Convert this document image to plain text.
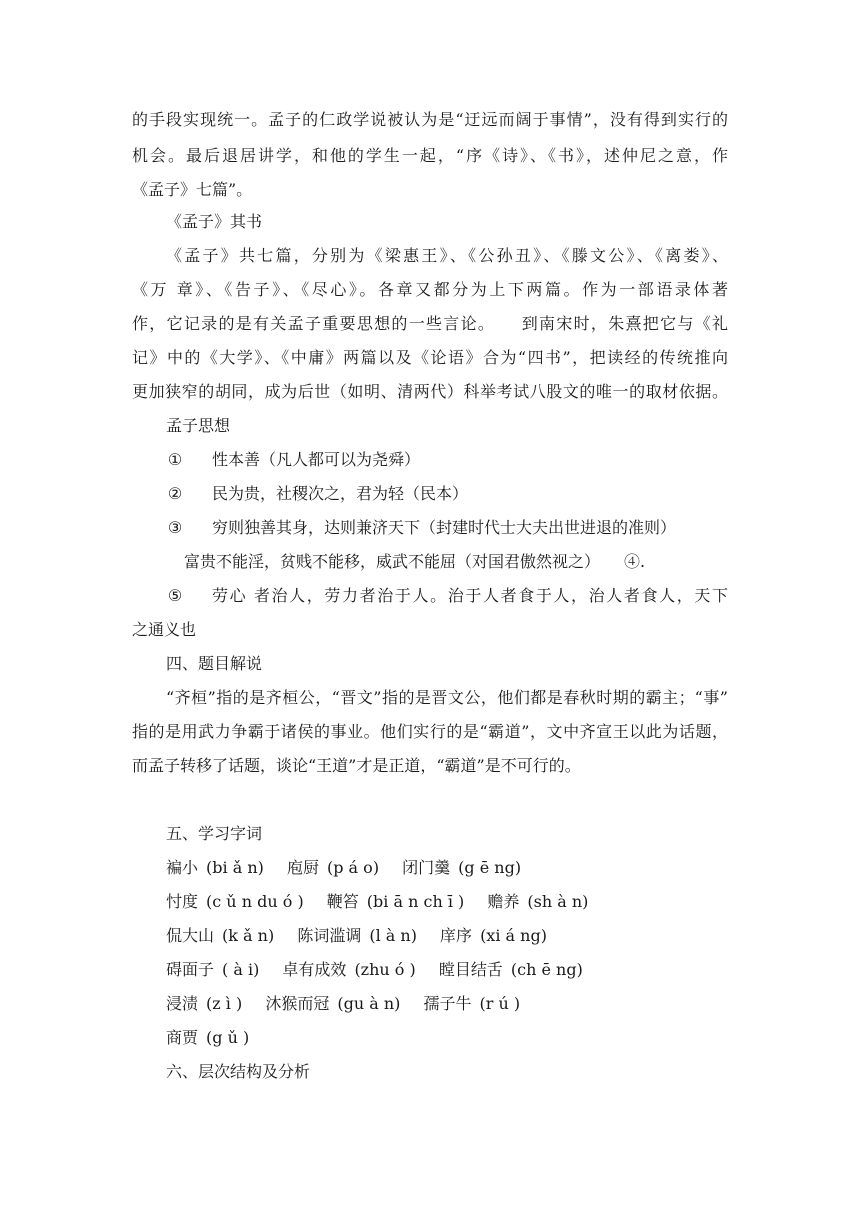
的手段实现统一。孟子的仁政学说被认为是“迂远而阔于事情”，没有得到实行的
机会。最后退居讲学，和他的学生一起，“序《诗》、《书》，述仲尼之意，作
《孟子》七篇”。
《孟子》其书
《孟子》共七篇，分别为《梁惠王》、《公孙丑》、《滕文公》、《离娄》、
《万 章》、《告子》、《尽心》。各章又都分为上下两篇。作为一部语录体著
作，它记录的是有关孟子重要思想的一些言论。　　到南宋时，朱熹把它与《礼
记》中的《大学》、《中庸》两篇以及《论语》合为“四书”，把读经的传统推向
更加狭窄的胡同，成为后世（如明、清两代）科举考试八股文的唯一的取材依据。
孟子思想
① 性本善（凡人都可以为尧舜）
② 民为贵，社稷次之，君为轻（民本）
③ 穷则独善其身，达则兼济天下（封建时代士大夫出世进退的准则）
富贵不能淫，贫贱不能移，威武不能屈（对国君傲然视之）　　④.
⑤ 劳心 者治人，劳力者治于人。治于人者食于人，治人者食人，天下
之通义也
四、题目解说
“齐桓”指的是齐桓公，“晋文”指的是晋文公，他们都是春秋时期的霸主；“事”
指的是用武力争霸于诸侯的事业。他们实行的是“霸道”，文中齐宣王以此为话题，
而孟子转移了话题，谈论“王道”才是正道，“霸道”是不可行的。
五、学习字词
褊小 (bi ǎ n) 庖厨 (p á o) 闭门羹 (g ē ng)
忖度 (c ǔ n du ó ) 鞭笞 (bi ā n ch ī ) 赡养 (sh à n)
侃大山 (k ǎ n) 陈词滥调 (l à n) 庠序 (xi á ng)
碍面子 ( à i) 卓有成效 (zhu ó ) 瞠目结舌 (ch ē ng)
浸渍 (z ì ) 沐猴而冠 (gu à n) 孺子牛 (r ú )
商贾 (g ǔ )
六、层次结构及分析
